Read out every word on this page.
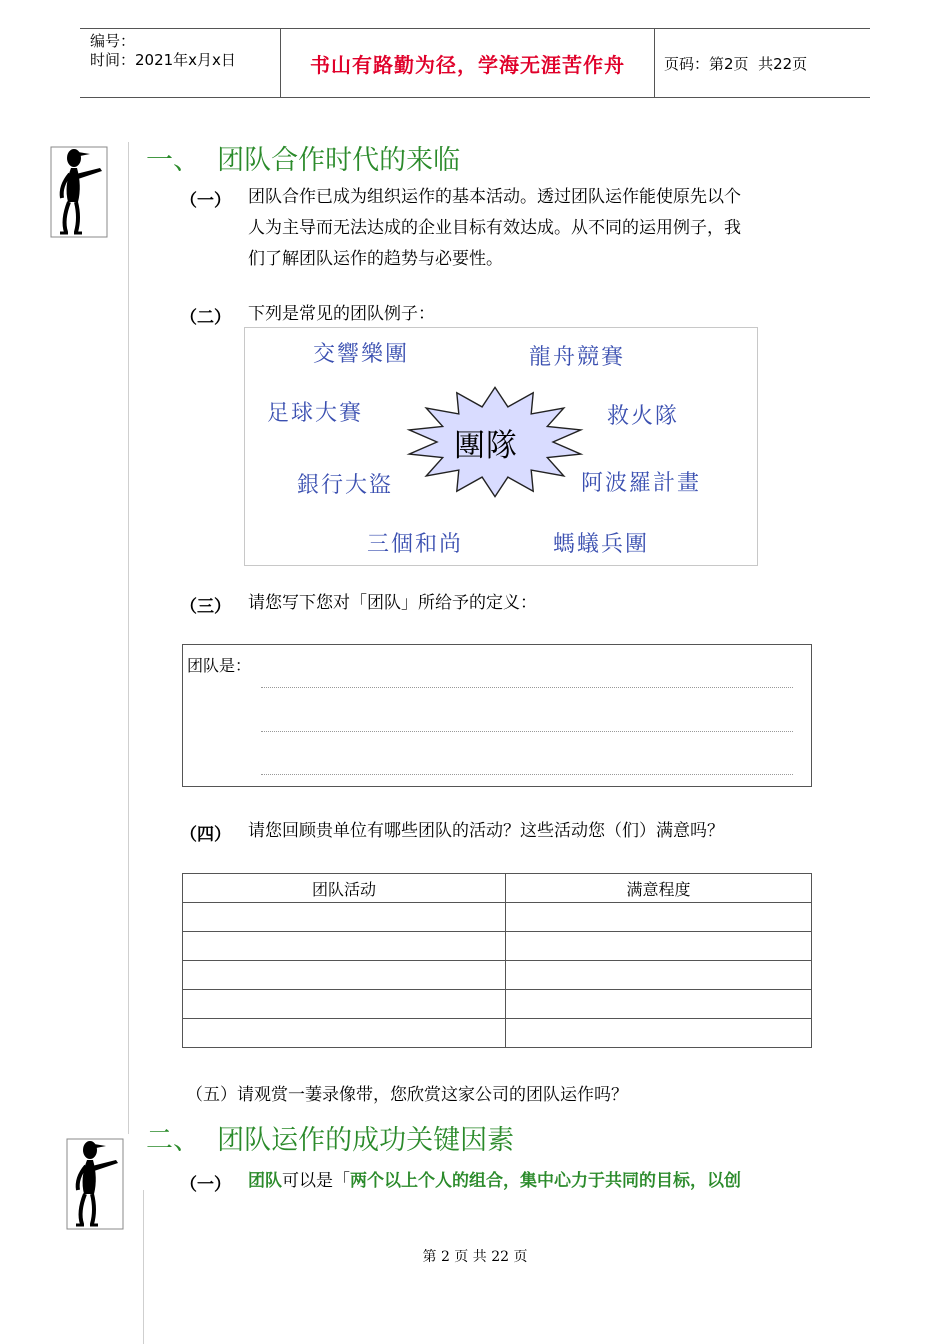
编号：
时间：2021年x月x日	书山有路勤为径，学海无涯苦作舟	页码：第2页  共22页
一、  团队合作时代的来临
（一） 团队合作已成为组织运作的基本活动。透过团队运作能使原先以个
人为主导而无法达成的企业目标有效达成。从不同的运用例子，我
们了解团队运作的趋势与必要性。
（二） 下列是常见的团队例子：
交響樂團	龍舟競賽
足球大賽	救火隊
銀行大盜	阿波羅計畫
三個和尚	螞蟻兵團
團隊
（三） 请您写下您对「团队」所给予的定义：
团队是：
（四） 请您回顾贵单位有哪些团队的活动？这些活动您（们）满意吗？
团队活动	满意程度

（五）请观赏一萋录像带，您欣赏这家公司的团队运作吗？
二、  团队运作的成功关键因素
（一） 团队可以是「两个以上个人的组合，集中心力于共同的目标，以创
第 2 页 共 22 页
